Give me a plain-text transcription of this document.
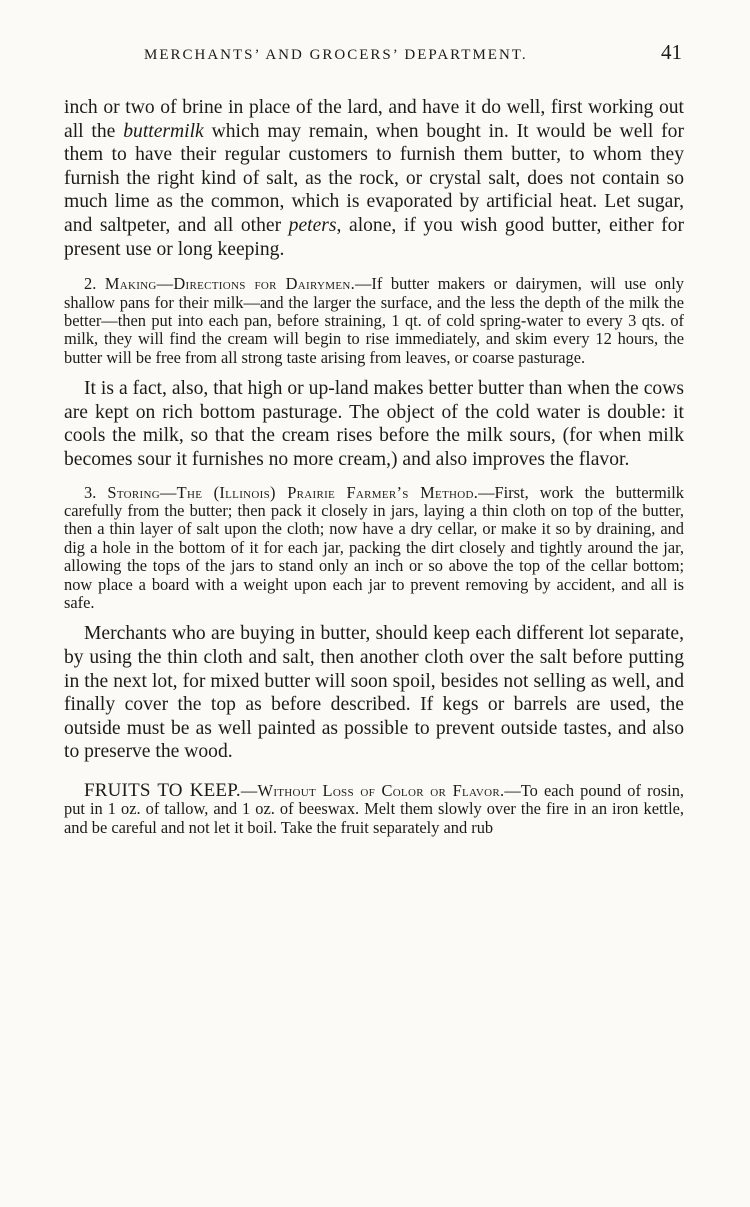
MERCHANTS’ AND GROCERS’ DEPARTMENT.	41

inch or two of brine in place of the lard, and have it do well, first working out all the buttermilk which may remain, when bought in. It would be well for them to have their regular customers to furnish them butter, to whom they furnish the right kind of salt, as the rock, or crystal salt, does not contain so much lime as the common, which is evaporated by artificial heat. Let sugar, and saltpeter, and all other peters, alone, if you wish good butter, either for present use or long keeping.

2. Making—Directions for Dairymen.—If butter makers or dairymen, will use only shallow pans for their milk—and the larger the surface, and the less the depth of the milk the better—then put into each pan, before straining, 1 qt. of cold spring-water to every 3 qts. of milk, they will find the cream will begin to rise immediately, and skim every 12 hours, the butter will be free from all strong taste arising from leaves, or coarse pasturage.

It is a fact, also, that high or up-land makes better butter than when the cows are kept on rich bottom pasturage. The object of the cold water is double: it cools the milk, so that the cream rises before the milk sours, (for when milk becomes sour it furnishes no more cream,) and also improves the flavor.

3. Storing—The (Illinois) Prairie Farmer’s Method.—First, work the buttermilk carefully from the butter; then pack it closely in jars, laying a thin cloth on top of the butter, then a thin layer of salt upon the cloth; now have a dry cellar, or make it so by draining, and dig a hole in the bottom of it for each jar, packing the dirt closely and tightly around the jar, allowing the tops of the jars to stand only an inch or so above the top of the cellar bottom; now place a board with a weight upon each jar to prevent removing by accident, and all is safe.

Merchants who are buying in butter, should keep each different lot separate, by using the thin cloth and salt, then another cloth over the salt before putting in the next lot, for mixed butter will soon spoil, besides not selling as well, and finally cover the top as before described. If kegs or barrels are used, the outside must be as well painted as possible to prevent outside tastes, and also to preserve the wood.

FRUITS TO KEEP.—Without Loss of Color or Flavor.—To each pound of rosin, put in 1 oz. of tallow, and 1 oz. of beeswax. Melt them slowly over the fire in an iron kettle, and be careful and not let it boil. Take the fruit separately and rub
